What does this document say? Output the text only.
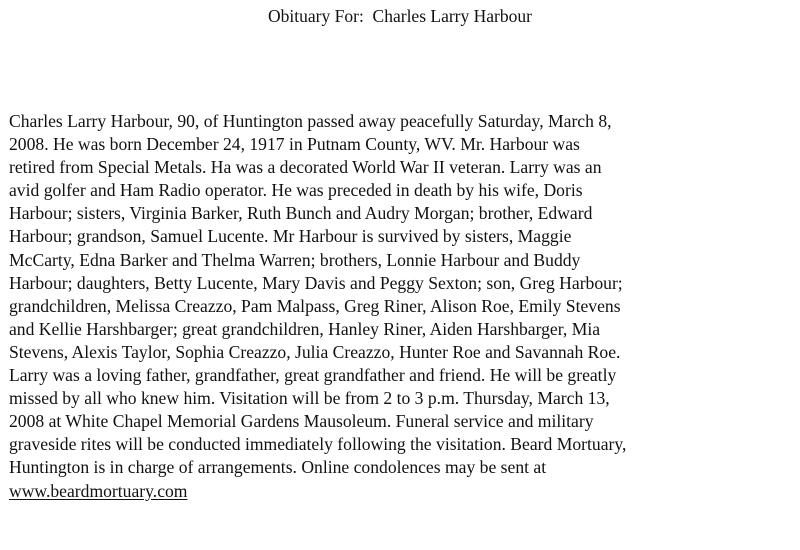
Obituary For:  Charles Larry Harbour
Charles Larry Harbour, 90, of Huntington passed away peacefully Saturday, March 8,
2008. He was born December 24, 1917 in Putnam County, WV. Mr. Harbour was
retired from Special Metals. Ha was a decorated World War II veteran. Larry was an
avid golfer and Ham Radio operator. He was preceded in death by his wife, Doris
Harbour; sisters, Virginia Barker, Ruth Bunch and Audry Morgan; brother, Edward
Harbour; grandson, Samuel Lucente. Mr Harbour is survived by sisters, Maggie
McCarty, Edna Barker and Thelma Warren; brothers, Lonnie Harbour and Buddy
Harbour; daughters, Betty Lucente, Mary Davis and Peggy Sexton; son, Greg Harbour;
grandchildren, Melissa Creazzo, Pam Malpass, Greg Riner, Alison Roe, Emily Stevens
and Kellie Harshbarger; great grandchildren, Hanley Riner, Aiden Harshbarger, Mia
Stevens, Alexis Taylor, Sophia Creazzo, Julia Creazzo, Hunter Roe and Savannah Roe.
Larry was a loving father, grandfather, great grandfather and friend. He will be greatly
missed by all who knew him. Visitation will be from 2 to 3 p.m. Thursday, March 13,
2008 at White Chapel Memorial Gardens Mausoleum. Funeral service and military
graveside rites will be conducted immediately following the visitation. Beard Mortuary,
Huntington is in charge of arrangements. Online condolences may be sent at
www.beardmortuary.com
